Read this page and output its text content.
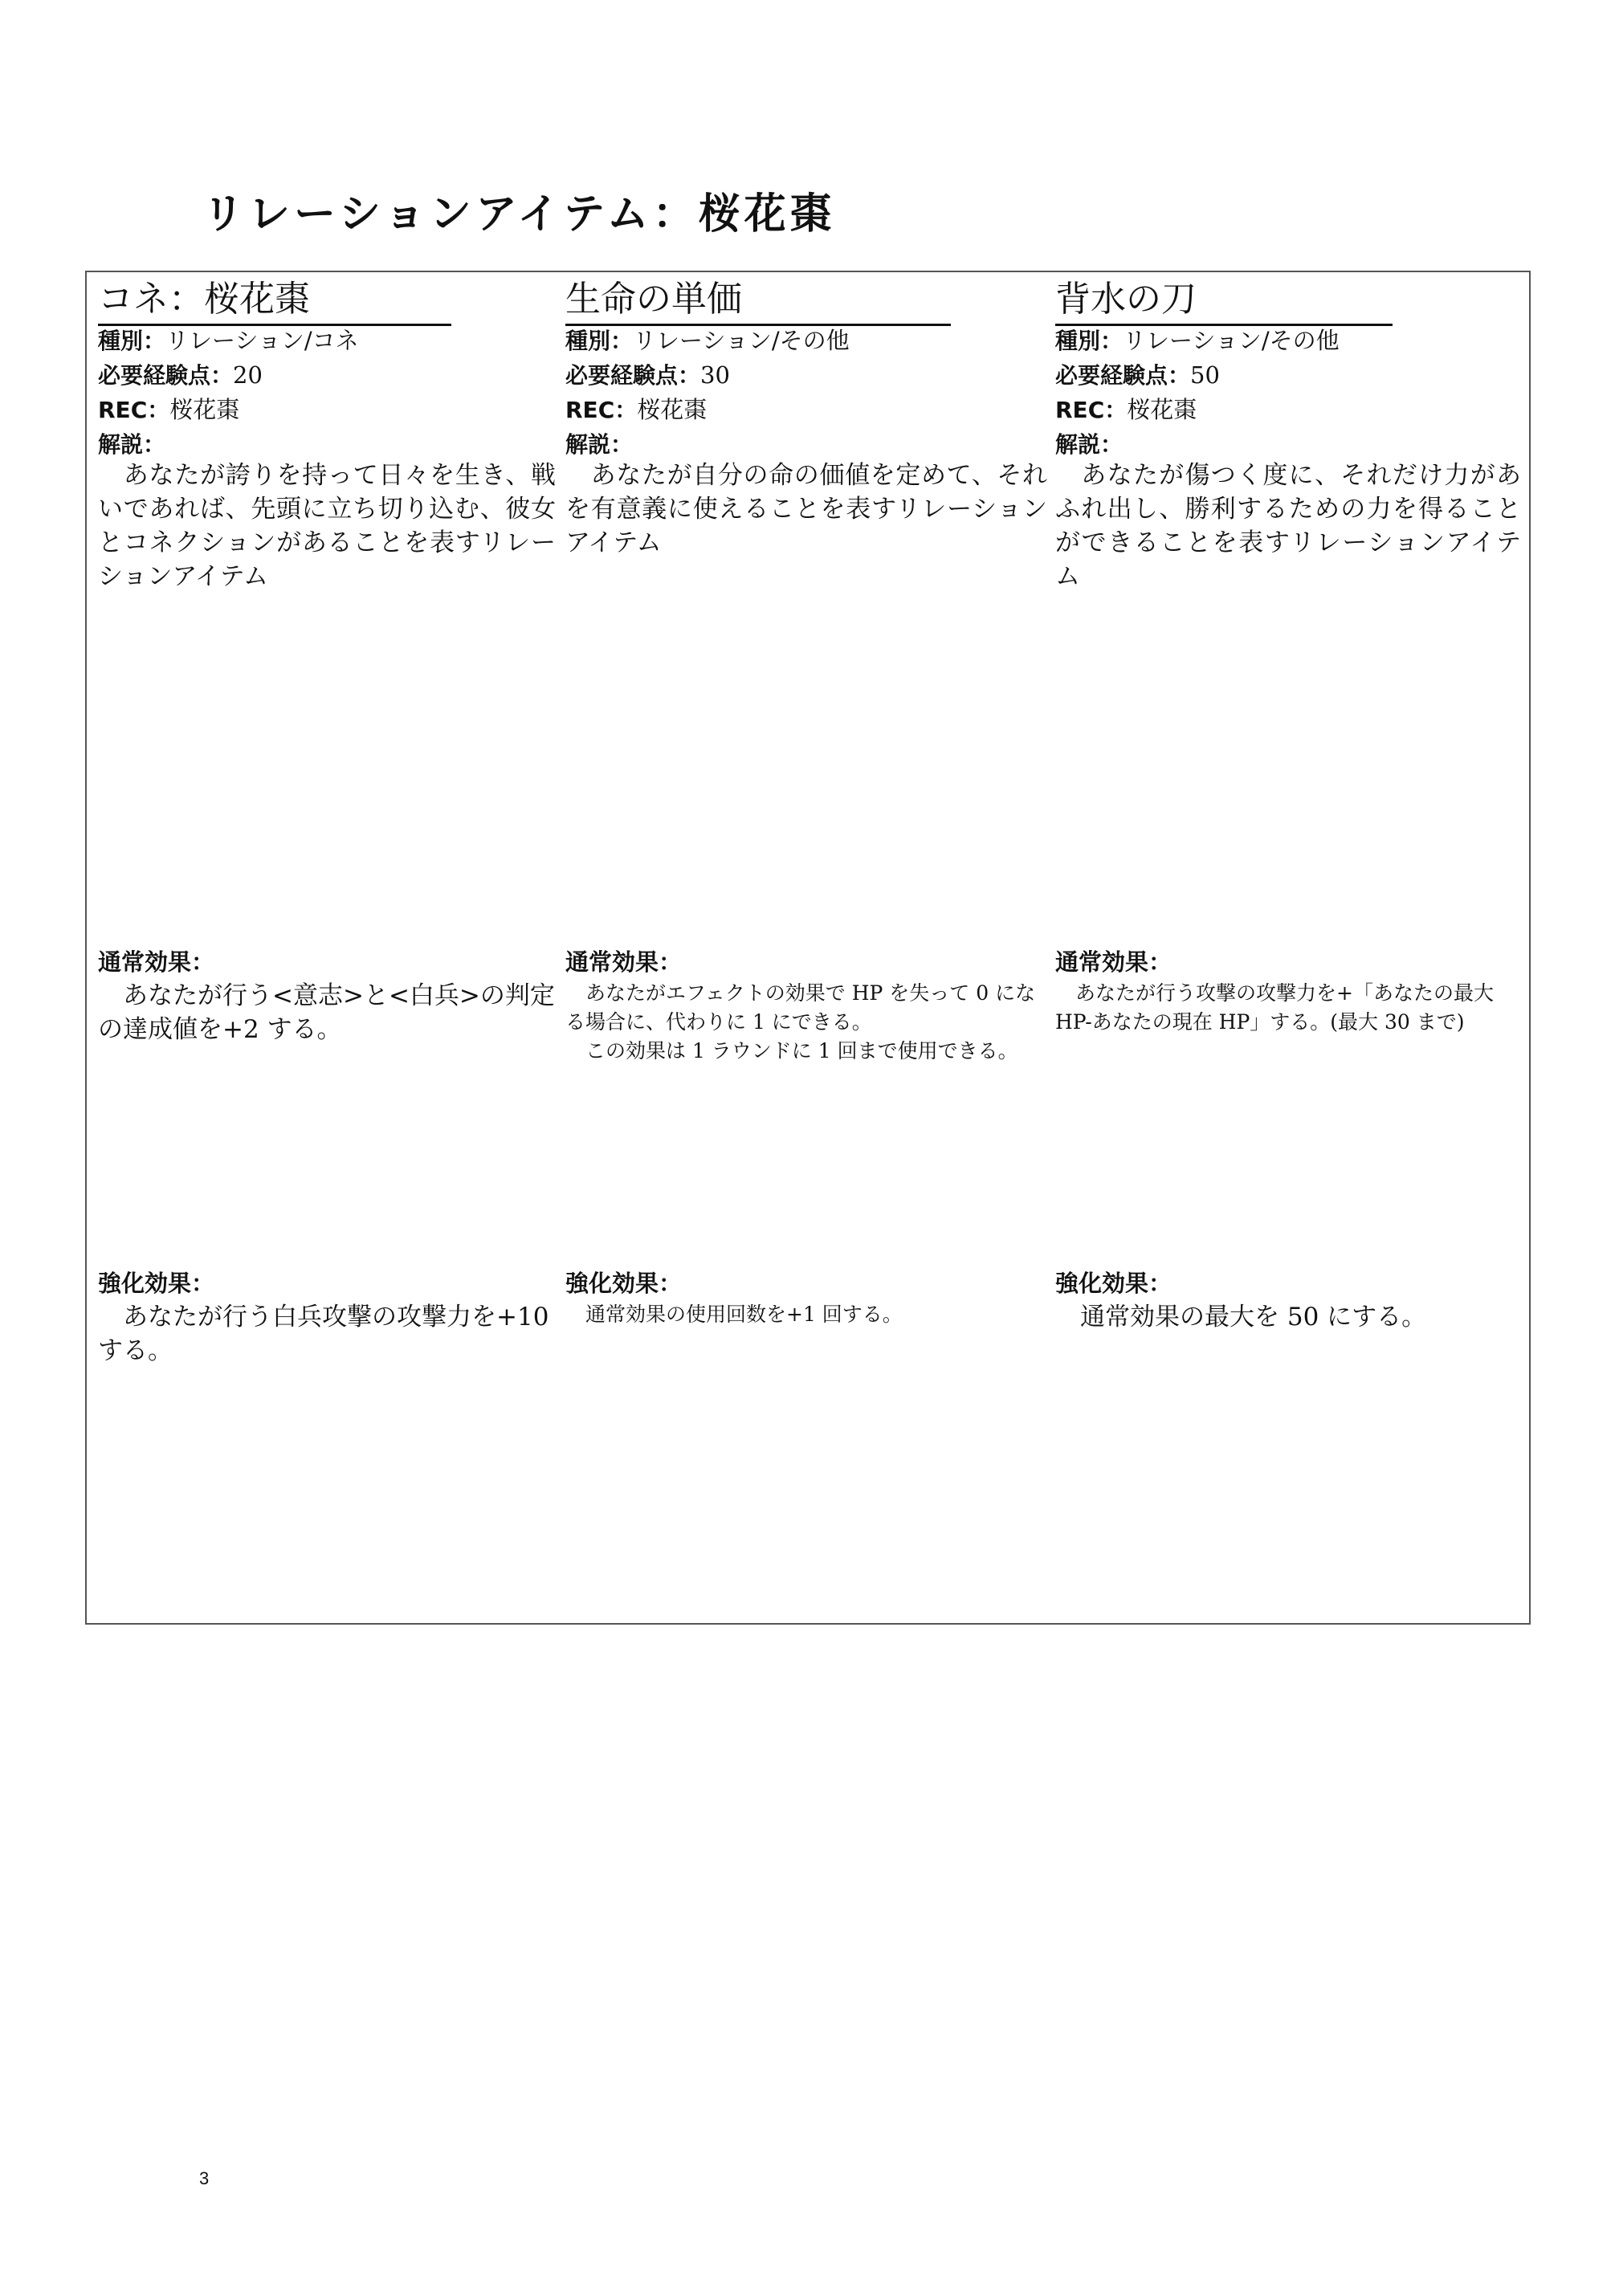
リレーションアイテム：桜花棗
コネ：桜花棗
種別：リレーション/コネ
必要経験点：20
REC：桜花棗
解説：
　あなたが誇りを持って日々を生き、戦いであれば、先頭に立ち切り込む、彼女とコネクションがあることを表すリレーションアイテム
通常効果：
　あなたが行う<意志>と<白兵>の判定の達成値を+2 する。
強化効果：
　あなたが行う白兵攻撃の攻撃力を+10 する。
生命の単価
種別：リレーション/その他
必要経験点：30
REC：桜花棗
解説：
　あなたが自分の命の価値を定めて、それを有意義に使えることを表すリレーションアイテム
通常効果：
　あなたがエフェクトの効果で HP を失って 0 になる場合に、代わりに 1 にできる。
　この効果は 1 ラウンドに 1 回まで使用できる。
強化効果：
　通常効果の使用回数を+1 回する。
背水の刀
種別：リレーション/その他
必要経験点：50
REC：桜花棗
解説：
　あなたが傷つく度に、それだけ力があふれ出し、勝利するための力を得ることができることを表すリレーションアイテム
通常効果：
　あなたが行う攻撃の攻撃力を+「あなたの最大 HP-あなたの現在 HP」する。(最大 30 まで)
強化効果：
　通常効果の最大を 50 にする。
3
